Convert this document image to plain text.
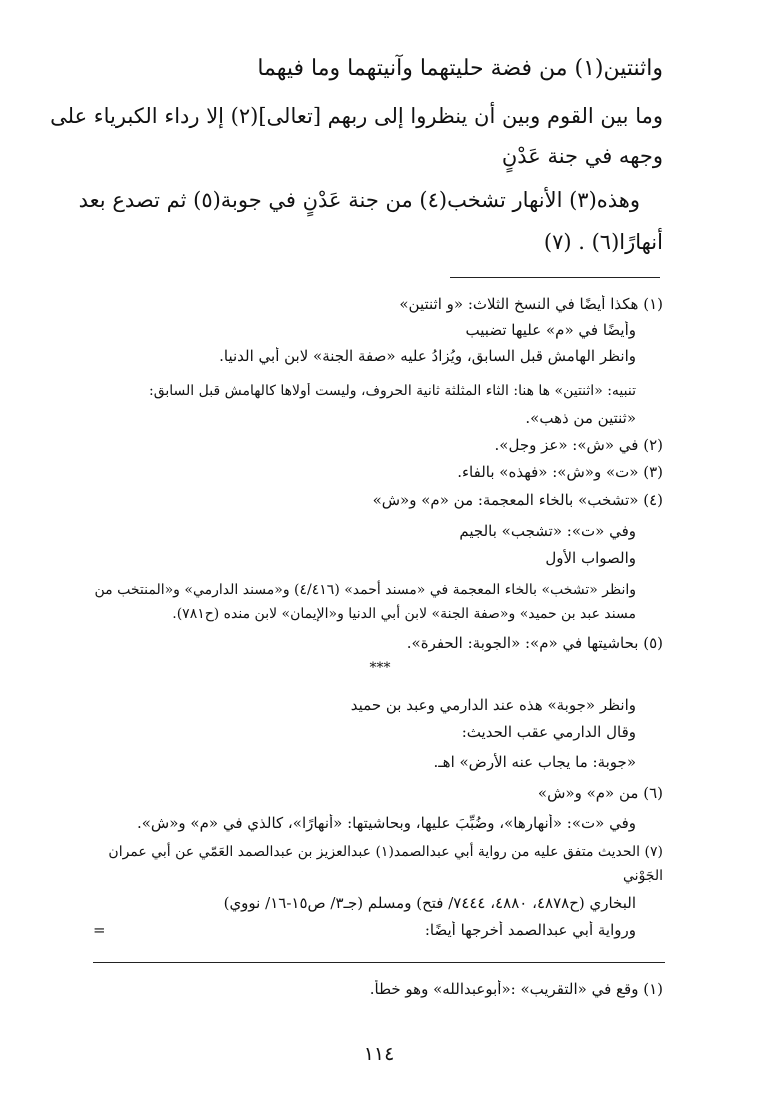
واثنتين(١) من فضة حليتهما وآنيتهما وما فيهما
وما بين القوم وبين أن ينظروا إلى ربهم [تعالى](٢) إلا رداء الكبرياء على
وجهه في جنة عَدْنٍ
وهذه(٣) الأنهار تشخب(٤) من جنة عَدْنٍ في جوبة(٥) ثم تصدع بعد
أنهارًا(٦) . (٧)
(١) هكذا أيضًا في النسخ الثلاث: «و اثنتين»
وأيضًا في «م» عليها تضبيب
وانظر الهامش قبل السابق، ويُزادُ عليه «صفة الجنة» لابن أبي الدنيا.
تنبيه: «اثنتين» ها هنا: الثاء المثلثة ثانية الحروف، وليست أولاها كالهامش قبل السابق:
«ثنتين من ذهب».
(٢) في «ش»: «عز وجل».
(٣) «ت» و«ش»: «فهذه» بالفاء.
(٤) «تشخب» بالخاء المعجمة: من «م» و«ش»
وفي «ت»: «تشجب» بالجيم
والصواب الأول
وانظر «تشخب» بالخاء المعجمة في «مسند أحمد» (٤/٤١٦) و«مسند الدارمي» و«المنتخب من مسند عبد بن حميد» و«صفة الجنة» لابن أبي الدنيا و«الإيمان» لابن منده (ح٧٨١).
(٥) بحاشيتها في «م»: «الجوبة: الحفرة».
***
وانظر «جوبة» هذه عند الدارمي وعبد بن حميد
وقال الدارمي عقب الحديث:
«جوبة: ما يجاب عنه الأرض» اهـ.
(٦) من «م» و«ش»
وفي «ت»: «أنهارها»، وضُبِّبَ عليها، وبحاشيتها: «أنهارًا»، كالذي في «م» و«ش».
(٧) الحديث متفق عليه من رواية أبي عبدالصمد(١) عبدالعزيز بن عبدالصمد العَمّي عن أبي عمران الجَوْني
البخاري (ح٤٨٧٨، ٤٨٨٠، ٧٤٤٤/ فتح) ومسلم (جـ٣/ ص١٥-١٦/ نووي)
ورواية أبي عبدالصمد أخرجها أيضًا:
=
(١) وقع في «التقريب» :«أبوعبدالله» وهو خطأ.
١١٤
